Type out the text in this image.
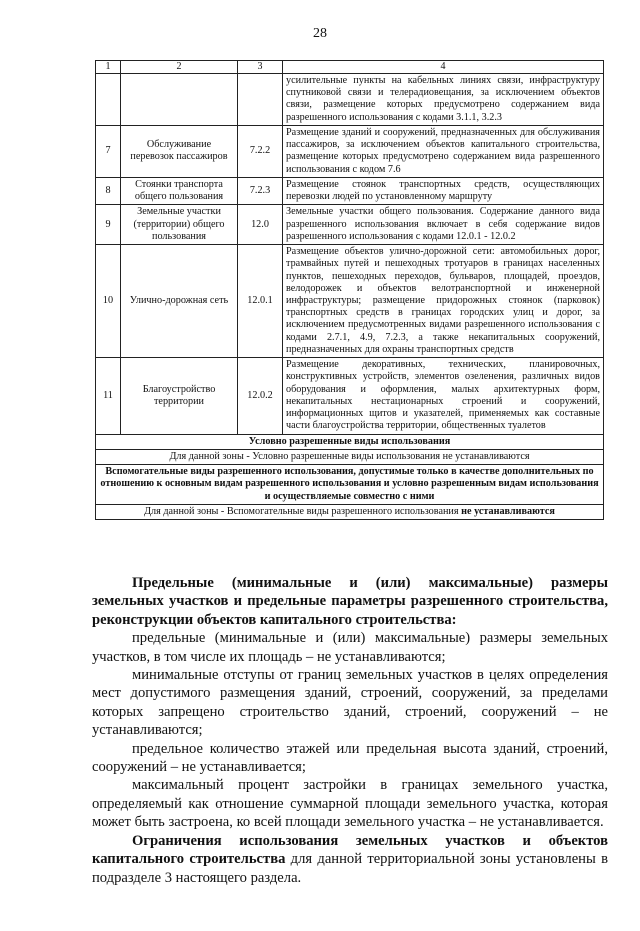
28
1	2	3	4
			усилительные пункты на кабельных линиях связи, инфраструктуру спутниковой связи и телерадиовещания, за исключением объектов связи, размещение которых предусмотрено содержанием вида разрешенного использования с кодами 3.1.1, 3.2.3
7	Обслуживание перевозок пассажиров	7.2.2	Размещение зданий и сооружений, предназначенных для обслуживания пассажиров, за исключением объектов капитального строительства, размещение которых предусмотрено содержанием вида разрешенного использования с кодом 7.6
8	Стоянки транспорта общего пользования	7.2.3	Размещение стоянок транспортных средств, осуществляющих перевозки людей по установленному маршруту
9	Земельные участки (территории) общего пользования	12.0	Земельные участки общего пользования. Содержание данного вида разрешенного использования включает в себя содержание видов разрешенного использования с кодами 12.0.1 - 12.0.2
10	Улично-дорожная сеть	12.0.1	Размещение объектов улично-дорожной сети: автомобильных дорог, трамвайных путей и пешеходных тротуаров в границах населенных пунктов, пешеходных переходов, бульваров, площадей, проездов, велодорожек и объектов велотранспортной и инженерной инфраструктуры; размещение придорожных стоянок (парковок) транспортных средств в границах городских улиц и дорог, за исключением предусмотренных видами разрешенного использования с кодами 2.7.1, 4.9, 7.2.3, а также некапитальных сооружений, предназначенных для охраны транспортных средств
11	Благоустройство территории	12.0.2	Размещение декоративных, технических, планировочных, конструктивных устройств, элементов озеленения, различных видов оборудования и оформления, малых архитектурных форм, некапитальных нестационарных строений и сооружений, информационных щитов и указателей, применяемых как составные части благоустройства территории, общественных туалетов
Условно разрешенные виды использования			
Для данной зоны - Условно разрешенные виды использования не устанавливаются			
Вспомогательные виды разрешенного использования, допустимые только в качестве дополнительных по отношению к основным видам разрешенного использования и условно разрешенным видам использования и осуществляемые совместно с ними			
Для данной зоны - Вспомогательные виды разрешенного использования не устанавливаются			

Предельные (минимальные и (или) максимальные) размеры земельных участков и предельные параметры разрешенного строительства, реконструкции объектов капитального строительства:

предельные (минимальные и (или) максимальные) размеры земельных участков, в том числе их площадь – не устанавливаются;

минимальные отступы от границ земельных участков в целях определения мест допустимого размещения зданий, строений, сооружений, за пределами которых запрещено строительство зданий, строений, сооружений – не устанавливаются;

предельное количество этажей или предельная высота зданий, строений, сооружений – не устанавливается;

максимальный процент застройки в границах земельного участка, определяемый как отношение суммарной площади земельного участка, которая может быть застроена, ко всей площади земельного участка – не устанавливается.

Ограничения использования земельных участков и объектов капитального строительства для данной территориальной зоны установлены в подразделе 3 настоящего раздела.
